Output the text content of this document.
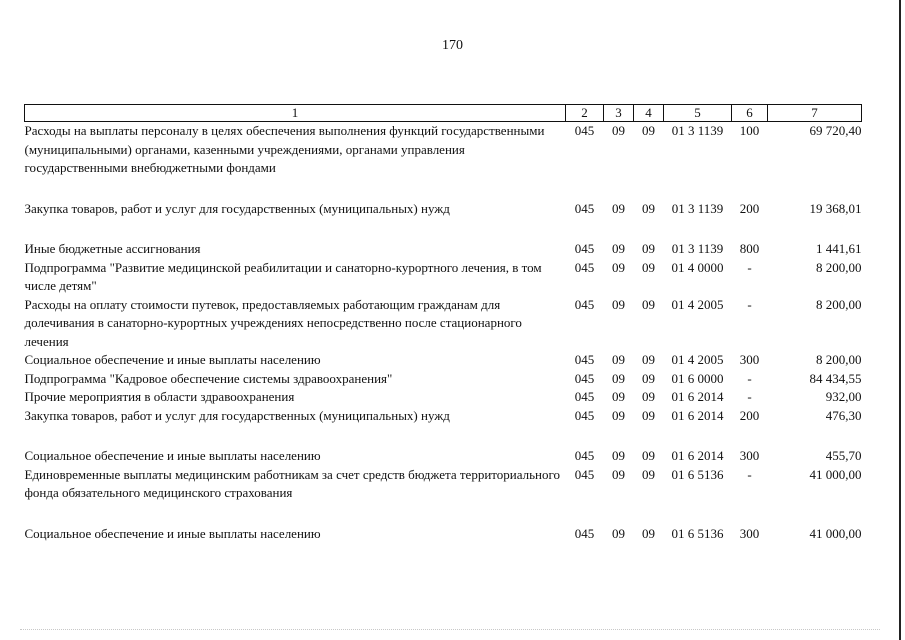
170
1	2	3	4	5	6	7
Расходы на выплаты персоналу в целях обеспечения выполнения функций государственными (муниципальными) органами, казенными учреждениями, органами управления государственными внебюджетными фондами	045	09	09	01 3 1139	100	69 720,40

Закупка товаров, работ и услуг для государственных (муниципальных) нужд	045	09	09	01 3 1139	200	19 368,01

Иные бюджетные ассигнования	045	09	09	01 3 1139	800	1 441,61
Подпрограмма "Развитие медицинской реабилитации и санаторно-курортного лечения, в том числе детям"	045	09	09	01 4 0000	-	8 200,00
Расходы на оплату стоимости путевок, предоставляемых работающим гражданам для долечивания в санаторно-курортных учреждениях непосредственно после стационарного лечения	045	09	09	01 4 2005	-	8 200,00
Социальное обеспечение и иные выплаты населению	045	09	09	01 4 2005	300	8 200,00
Подпрограмма "Кадровое обеспечение системы здравоохранения"	045	09	09	01 6 0000	-	84 434,55
Прочие мероприятия в области здравоохранения	045	09	09	01 6 2014	-	932,00
Закупка товаров, работ и услуг для государственных (муниципальных) нужд	045	09	09	01 6 2014	200	476,30

Социальное обеспечение и иные выплаты населению	045	09	09	01 6 2014	300	455,70
Единовременные выплаты медицинским работникам за счет средств бюджета территориального фонда обязательного медицинского страхования	045	09	09	01 6 5136	-	41 000,00

Социальное обеспечение и иные выплаты населению	045	09	09	01 6 5136	300	41 000,00
